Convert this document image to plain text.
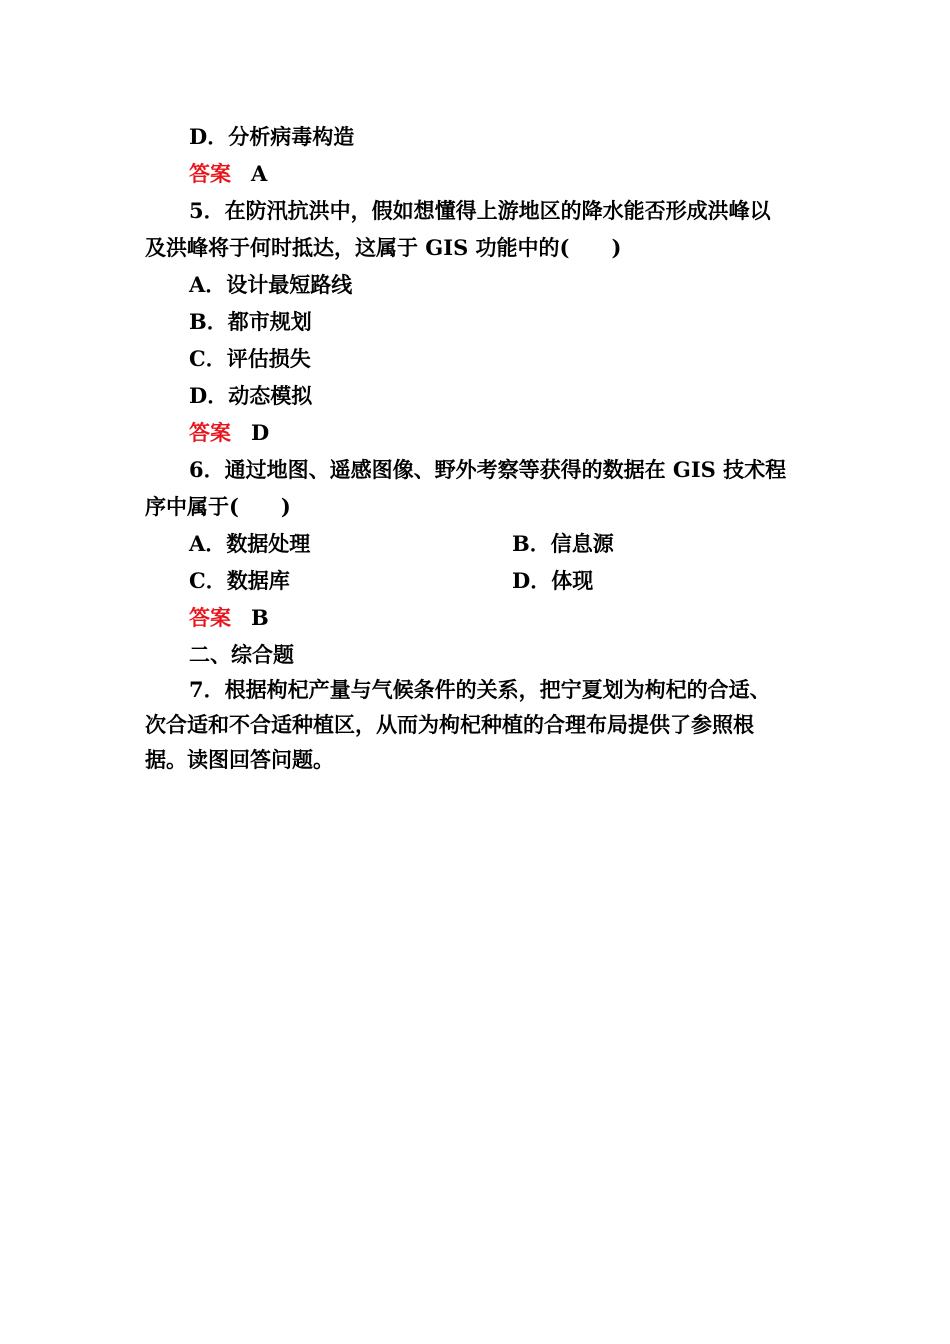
D．分析病毒构造
答案 A
5．在防汛抗洪中，假如想懂得上游地区的降水能否形成洪峰以
及洪峰将于何时抵达，这属于 GIS 功能中的(　　)
A．设计最短路线
B．都市规划
C．评估损失
D．动态模拟
答案 D
6．通过地图、遥感图像、野外考察等获得的数据在 GIS 技术程
序中属于(　　)
A．数据处理	B．信息源
C．数据库	D．体现
答案 B
二、综合题
7．根据枸杞产量与气候条件的关系，把宁夏划为枸杞的合适、
次合适和不合适种植区，从而为枸杞种植的合理布局提供了参照根
据。读图回答问题。
